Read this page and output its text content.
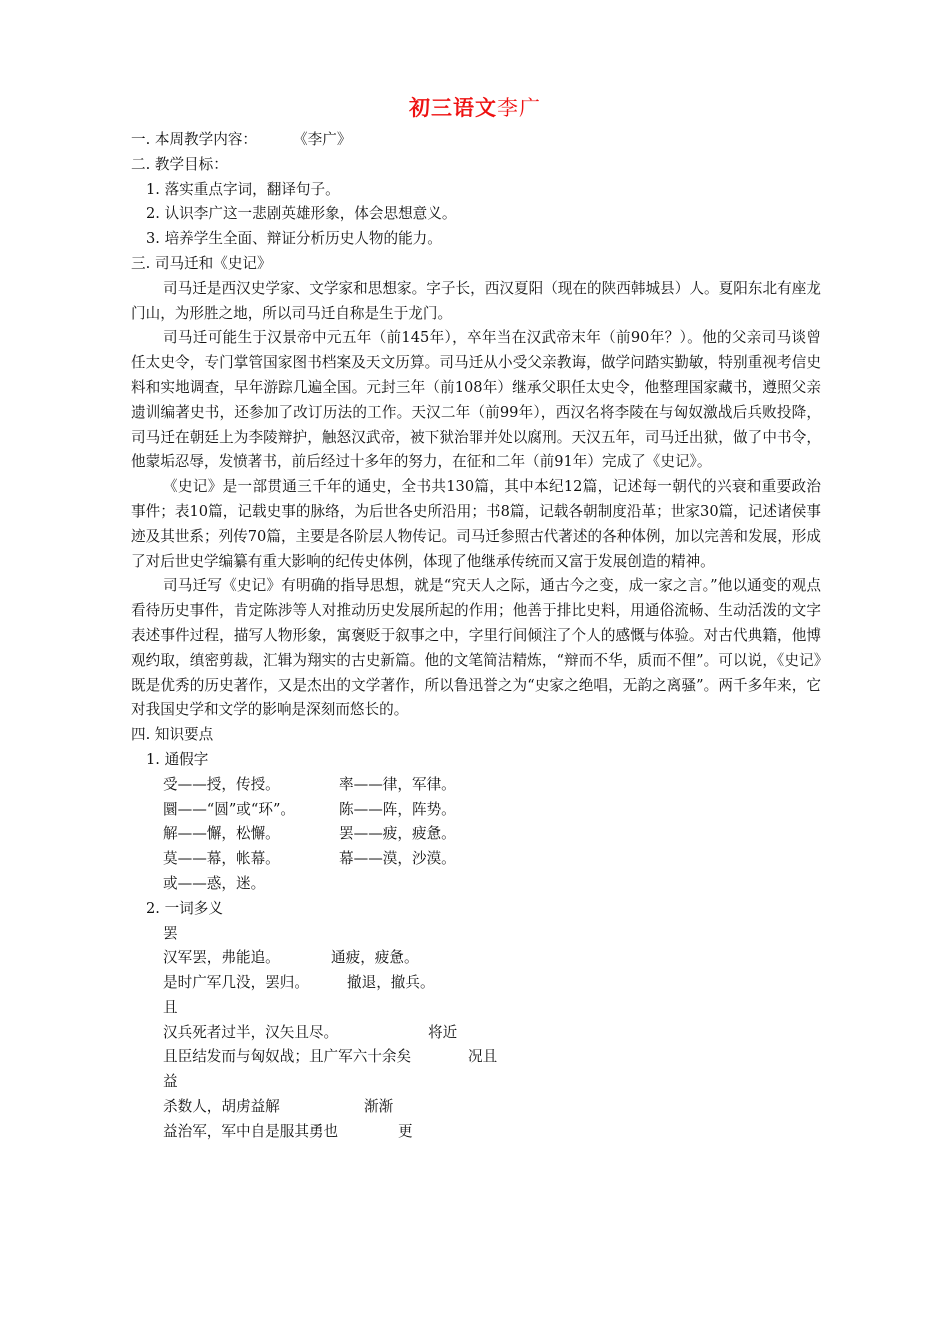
初三语文李广
一. 本周教学内容： 《李广》
二. 教学目标：
1. 落实重点字词，翻译句子。
2. 认识李广这一悲剧英雄形象，体会思想意义。
3. 培养学生全面、辩证分析历史人物的能力。
三. 司马迁和《史记》

司马迁是西汉史学家、文学家和思想家。字子长，西汉夏阳（现在的陕西韩城县）人。夏阳东北有座龙门山，为形胜之地，所以司马迁自称是生于龙门。

司马迁可能生于汉景帝中元五年（前145年），卒年当在汉武帝末年（前90年？）。他的父亲司马谈曾任太史令，专门掌管国家图书档案及天文历算。司马迁从小受父亲教诲，做学问踏实勤敏，特别重视考信史料和实地调查，早年游踪几遍全国。元封三年（前108年）继承父职任太史令，他整理国家藏书，遵照父亲遗训编著史书，还参加了改订历法的工作。天汉二年（前99年），西汉名将李陵在与匈奴激战后兵败投降，司马迁在朝廷上为李陵辩护，触怒汉武帝，被下狱治罪并处以腐刑。天汉五年，司马迁出狱，做了中书令，他蒙垢忍辱，发愤著书，前后经过十多年的努力，在征和二年（前91年）完成了《史记》。

《史记》是一部贯通三千年的通史，全书共130篇，其中本纪12篇，记述每一朝代的兴衰和重要政治事件；表10篇，记载史事的脉络，为后世各史所沿用；书8篇，记载各朝制度沿革；世家30篇，记述诸侯事迹及其世系；列传70篇，主要是各阶层人物传记。司马迁参照古代著述的各种体例，加以完善和发展，形成了对后世史学编纂有重大影响的纪传史体例，体现了他继承传统而又富于发展创造的精神。

司马迁写《史记》有明确的指导思想，就是“究天人之际，通古今之变，成一家之言。”他以通变的观点看待历史事件，肯定陈涉等人对推动历史发展所起的作用；他善于排比史料，用通俗流畅、生动活泼的文字表述事件过程，描写人物形象，寓褒贬于叙事之中，字里行间倾注了个人的感慨与体验。对古代典籍，他博观约取，缜密剪裁，汇辑为翔实的古史新篇。他的文笔简洁精炼，“辩而不华，质而不俚”。可以说，《史记》既是优秀的历史著作，又是杰出的文学著作，所以鲁迅誉之为“史家之绝唱，无韵之离骚”。两千多年来，它对我国史学和文学的影响是深刻而悠长的。

四. 知识要点
1. 通假字
受——授，传授。	率——律，军律。
圜——“圆”或“环”。	陈——阵，阵势。
解——懈，松懈。	罢——疲，疲惫。
莫——幕，帐幕。	幕——漠，沙漠。
或——惑，迷。
2. 一词多义
罢
汉军罢，弗能追。	通疲，疲惫。
是时广军几没，罢归。	撤退，撤兵。
且
汉兵死者过半，汉矢且尽。	将近
且臣结发而与匈奴战；且广军六十余矣	况且
益
杀数人，胡虏益解	渐渐
益治军，军中自是服其勇也	更
